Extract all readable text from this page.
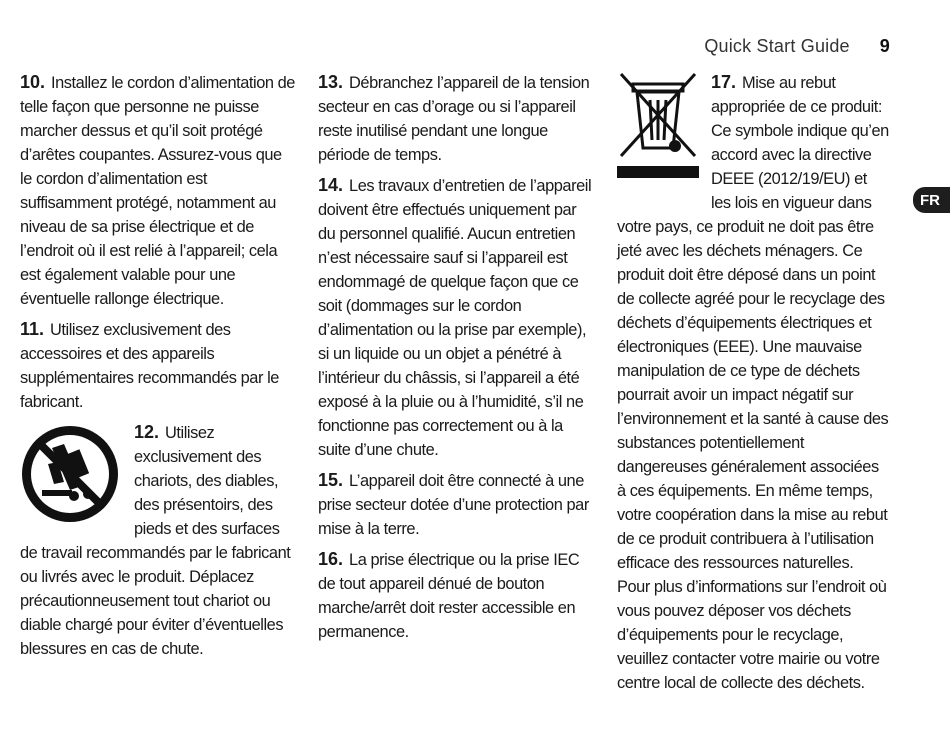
Quick Start Guide 9
FR

10. Installez le cordon d’alimentation de telle façon que personne ne puisse marcher dessus et qu’il soit protégé d’arêtes coupantes. Assurez-vous que le cordon d’alimentation est suffisamment protégé, notamment au niveau de sa prise électrique et de l’endroit où il est relié à l’appareil; cela est également valable pour une éventuelle rallonge électrique.

11. Utilisez exclusivement des accessoires et des appareils supplémentaires recommandés par le fabricant.

12. Utilisez exclusivement des chariots, des diables, des présentoirs, des pieds et des surfaces de travail recommandés par le fabricant ou livrés avec le produit. Déplacez précautionneusement tout chariot ou diable chargé pour éviter d’éventuelles blessures en cas de chute.

13. Débranchez l’appareil de la tension secteur en cas d’orage ou si l’appareil reste inutilisé pendant une longue période de temps.

14. Les travaux d’entretien de l’appareil doivent être effectués uniquement par du personnel qualifié. Aucun entretien n’est nécessaire sauf si l’appareil est endommagé de quelque façon que ce soit (dommages sur le cordon d’alimentation ou la prise par exemple), si un liquide ou un objet a pénétré à l’intérieur du châssis, si l’appareil a été exposé à la pluie ou à l’humidité, s’il ne fonctionne pas correctement ou à la suite d’une chute.

15. L’appareil doit être connecté à une prise secteur dotée d’une protection par mise à la terre.

16. La prise électrique ou la prise IEC de tout appareil dénué de bouton marche/arrêt doit rester accessible en permanence.

17. Mise au rebut appropriée de ce produit: Ce symbole indique qu’en accord avec la directive DEEE (2012/19/EU) et les lois en vigueur dans votre pays, ce produit ne doit pas être jeté avec les déchets ménagers. Ce produit doit être déposé dans un point de collecte agréé pour le recyclage des déchets d’équipements électriques et électroniques (EEE). Une mauvaise manipulation de ce type de déchets pourrait avoir un impact négatif sur l’environnement et la santé à cause des substances potentiellement dangereuses généralement associées à ces équipements. En même temps, votre coopération dans la mise au rebut de ce produit contribuera à l’utilisation efficace des ressources naturelles. Pour plus d’informations sur l’endroit où vous pouvez déposer vos déchets d’équipements pour le recyclage, veuillez contacter votre mairie ou votre centre local de collecte des déchets.
